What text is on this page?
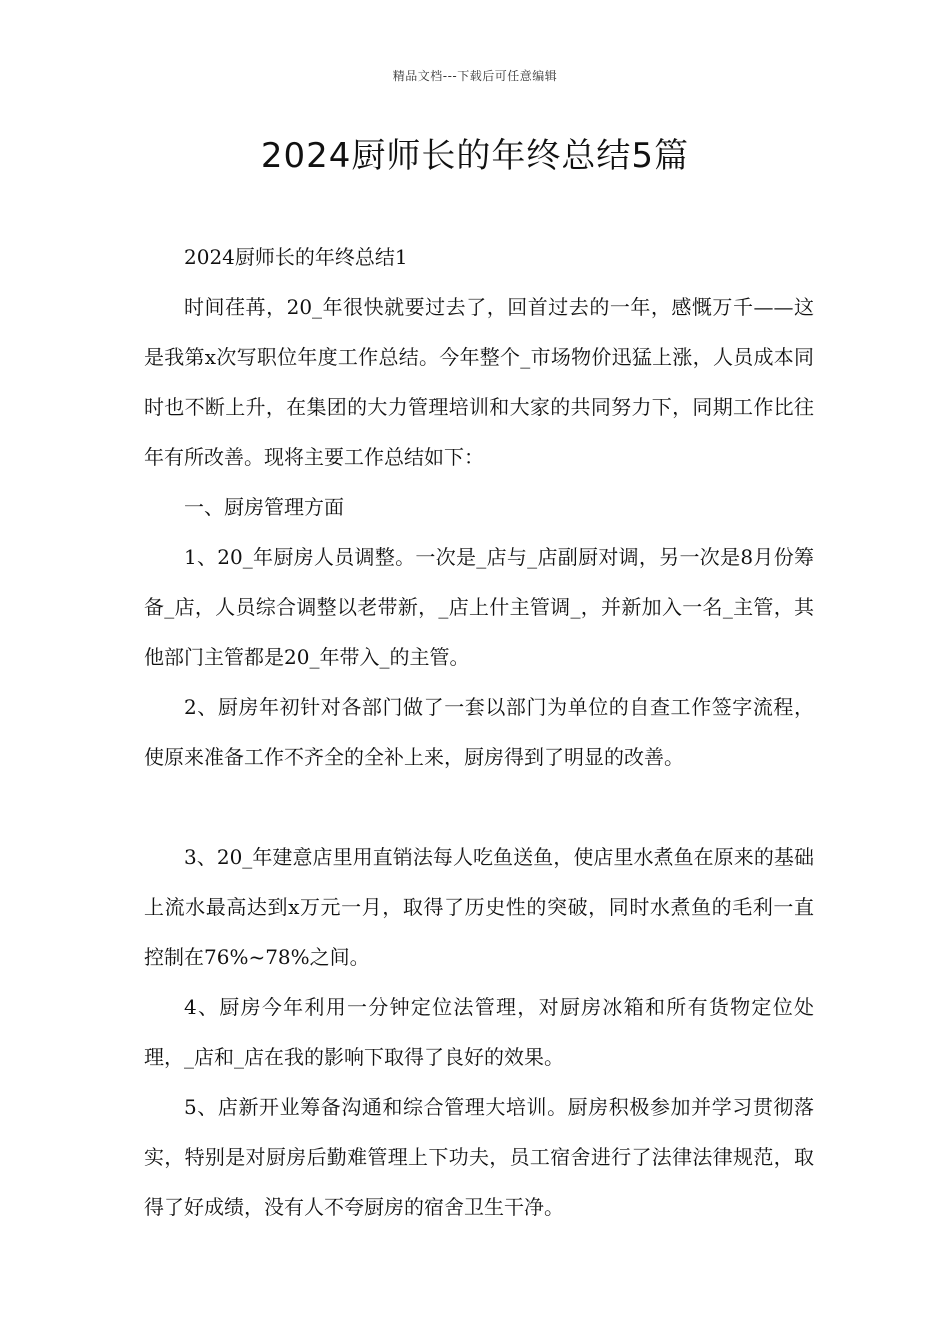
精品文档---下载后可任意编辑
2024厨师长的年终总结5篇

2024厨师长的年终总结1

时间荏苒，20_年很快就要过去了，回首过去的一年，感慨万千——这是我第x次写职位年度工作总结。今年整个_市场物价迅猛上涨，人员成本同时也不断上升，在集团的大力管理培训和大家的共同努力下，同期工作比往年有所改善。现将主要工作总结如下：

一、厨房管理方面

1、20_年厨房人员调整。一次是_店与_店副厨对调，另一次是8月份筹备_店，人员综合调整以老带新，_店上什主管调_，并新加入一名_主管，其他部门主管都是20_年带入_的主管。

2、厨房年初针对各部门做了一套以部门为单位的自查工作签字流程，使原来准备工作不齐全的全补上来，厨房得到了明显的改善。

3、20_年建意店里用直销法每人吃鱼送鱼，使店里水煮鱼在原来的基础上流水最高达到x万元一月，取得了历史性的突破，同时水煮鱼的毛利一直控制在76%~78%之间。

4、厨房今年利用一分钟定位法管理，对厨房冰箱和所有货物定位处理，_店和_店在我的影响下取得了良好的效果。

5、店新开业筹备沟通和综合管理大培训。厨房积极参加并学习贯彻落实，特别是对厨房后勤难管理上下功夫，员工宿舍进行了法律法律规范，取得了好成绩，没有人不夸厨房的宿舍卫生干净。
